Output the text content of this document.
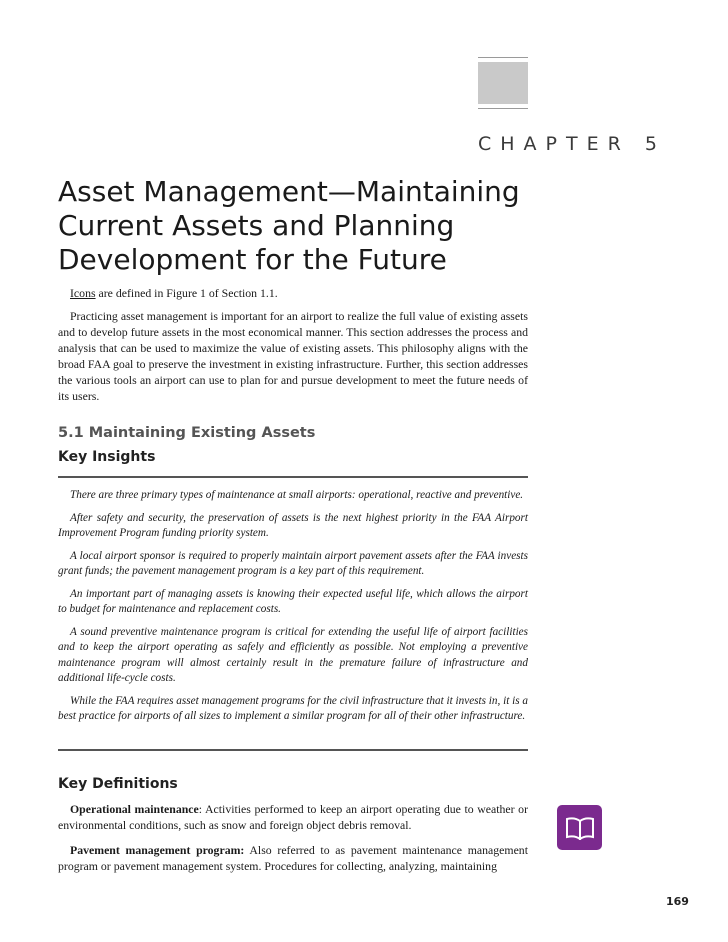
CHAPTER 5
Asset Management—Maintaining Current Assets and Planning Development for the Future

Icons are defined in Figure 1 of Section 1.1.

Practicing asset management is important for an airport to realize the full value of existing assets and to develop future assets in the most economical manner. This section addresses the process and analysis that can be used to maximize the value of existing assets. This philosophy aligns with the broad FAA goal to preserve the investment in existing infrastructure. Further, this section addresses the various tools an airport can use to plan for and pursue development to meet the future needs of its users.

5.1 Maintaining Existing Assets
Key Insights

There are three primary types of maintenance at small airports: operational, reactive and preventive.

After safety and security, the preservation of assets is the next highest priority in the FAA Airport Improvement Program funding priority system.

A local airport sponsor is required to properly maintain airport pavement assets after the FAA invests grant funds; the pavement management program is a key part of this requirement.

An important part of managing assets is knowing their expected useful life, which allows the airport to budget for maintenance and replacement costs.

A sound preventive maintenance program is critical for extending the useful life of airport facilities and to keep the airport operating as safely and efficiently as possible. Not employing a preventive maintenance program will almost certainly result in the premature failure of infrastructure and additional life-cycle costs.

While the FAA requires asset management programs for the civil infrastructure that it invests in, it is a best practice for airports of all sizes to implement a similar program for all of their other infrastructure.

Key Definitions

Operational maintenance: Activities performed to keep an airport operating due to weather or environmental conditions, such as snow and foreign object debris removal.

Pavement management program: Also referred to as pavement maintenance management program or pavement management system. Procedures for collecting, analyzing, maintaining

169
